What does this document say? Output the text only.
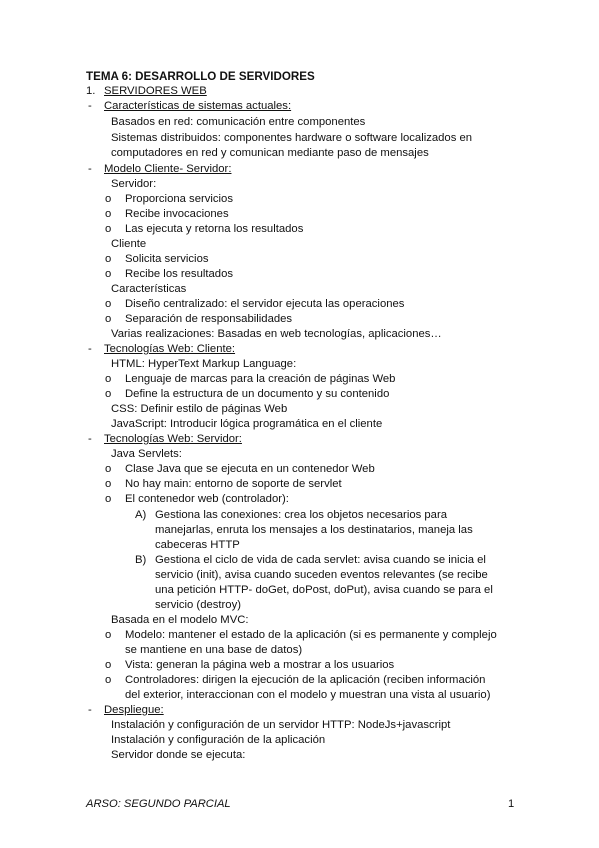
TEMA 6: DESARROLLO DE SERVIDORES
1. SERVIDORES WEB
- Características de sistemas actuales:
Basados en red: comunicación entre componentes
Sistemas distribuidos: componentes hardware o software localizados en
computadores en red y comunican mediante paso de mensajes
- Modelo Cliente- Servidor:
Servidor:
o Proporciona servicios
o Recibe invocaciones
o Las ejecuta y retorna los resultados
Cliente
o Solicita servicios
o Recibe los resultados
Características
o Diseño centralizado: el servidor ejecuta las operaciones
o Separación de responsabilidades
Varias realizaciones: Basadas en web tecnologías, aplicaciones…
- Tecnologías Web: Cliente:
HTML: HyperText Markup Language:
o Lenguaje de marcas para la creación de páginas Web
o Define la estructura de un documento y su contenido
CSS: Definir estilo de páginas Web
JavaScript: Introducir lógica programática en el cliente
- Tecnologías Web: Servidor:
Java Servlets:
o Clase Java que se ejecuta en un contenedor Web
o No hay main: entorno de soporte de servlet
o El contenedor web (controlador):
A) Gestiona las conexiones: crea los objetos necesarios para
manejarlas, enruta los mensajes a los destinatarios, maneja las
cabeceras HTTP
B) Gestiona el ciclo de vida de cada servlet: avisa cuando se inicia el
servicio (init), avisa cuando suceden eventos relevantes (se recibe
una petición HTTP- doGet, doPost, doPut), avisa cuando se para el
servicio (destroy)
Basada en el modelo MVC:
o Modelo: mantener el estado de la aplicación (si es permanente y complejo
se mantiene en una base de datos)
o Vista: generan la página web a mostrar a los usuarios
o Controladores: dirigen la ejecución de la aplicación (reciben información
del exterior, interaccionan con el modelo y muestran una vista al usuario)
- Despliegue:
Instalación y configuración de un servidor HTTP: NodeJs+javascript
Instalación y configuración de la aplicación
Servidor donde se ejecuta:
ARSO: SEGUNDO PARCIAL	1
